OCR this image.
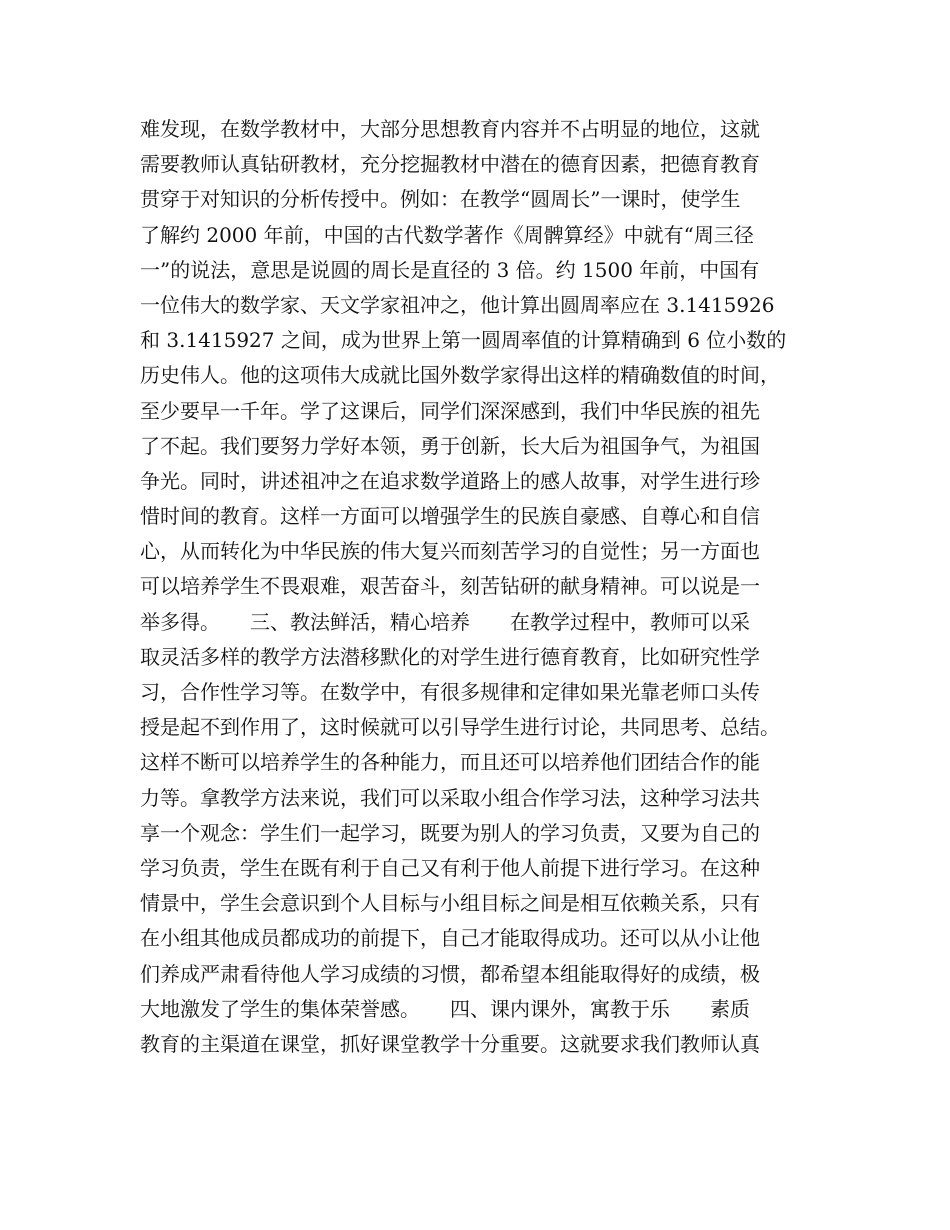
难发现，在数学教材中，大部分思想教育内容并不占明显的地位，这就
需要教师认真钻研教材，充分挖掘教材中潜在的德育因素，把德育教育
贯穿于对知识的分析传授中。例如：在教学“圆周长”一课时，使学生
了解约 2000 年前，中国的古代数学著作《周髀算经》中就有“周三径
一”的说法，意思是说圆的周长是直径的 3 倍。约 1500 年前，中国有
一位伟大的数学家、天文学家祖冲之，他计算出圆周率应在 3.1415926
和 3.1415927 之间，成为世界上第一圆周率值的计算精确到 6 位小数的
历史伟人。他的这项伟大成就比国外数学家得出这样的精确数值的时间，
至少要早一千年。学了这课后，同学们深深感到，我们中华民族的祖先
了不起。我们要努力学好本领，勇于创新，长大后为祖国争气，为祖国
争光。同时，讲述祖冲之在追求数学道路上的感人故事，对学生进行珍
惜时间的教育。这样一方面可以增强学生的民族自豪感、自尊心和自信
心，从而转化为中华民族的伟大复兴而刻苦学习的自觉性；另一方面也
可以培养学生不畏艰难，艰苦奋斗，刻苦钻研的献身精神。可以说是一
举多得。　　三、教法鲜活，精心培养　　在教学过程中，教师可以采
取灵活多样的教学方法潜移默化的对学生进行德育教育，比如研究性学
习，合作性学习等。在数学中，有很多规律和定律如果光靠老师口头传
授是起不到作用了，这时候就可以引导学生进行讨论，共同思考、总结。
这样不断可以培养学生的各种能力，而且还可以培养他们团结合作的能
力等。拿教学方法来说，我们可以采取小组合作学习法，这种学习法共
享一个观念：学生们一起学习，既要为别人的学习负责，又要为自己的
学习负责，学生在既有利于自己又有利于他人前提下进行学习。在这种
情景中，学生会意识到个人目标与小组目标之间是相互依赖关系，只有
在小组其他成员都成功的前提下，自己才能取得成功。还可以从小让他
们养成严肃看待他人学习成绩的习惯，都希望本组能取得好的成绩，极
大地激发了学生的集体荣誉感。　　四、课内课外，寓教于乐　　素质
教育的主渠道在课堂，抓好课堂教学十分重要。这就要求我们教师认真
